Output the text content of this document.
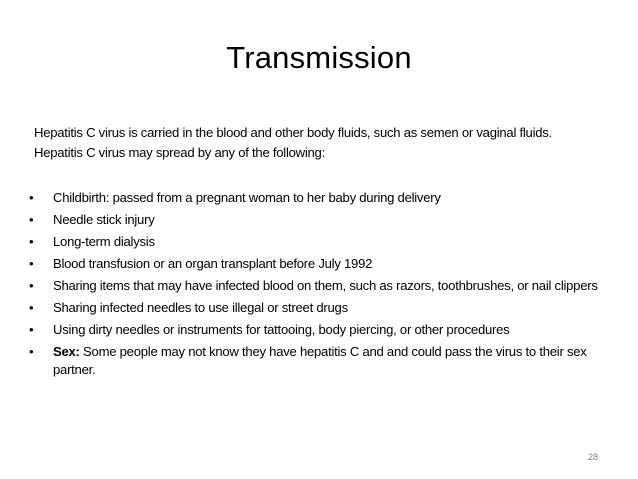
Transmission
Hepatitis C virus is carried in the blood and other body fluids, such as semen or vaginal fluids.
Hepatitis C virus may spread by any of the following:
• Childbirth: passed from a pregnant woman to her baby during delivery
• Needle stick injury
• Long-term dialysis
• Blood transfusion or an organ transplant before July 1992
• Sharing items that may have infected blood on them, such as razors, toothbrushes, or nail clippers
• Sharing infected needles to use illegal or street drugs
• Using dirty needles or instruments for tattooing, body piercing, or other procedures
• Sex: Some people may not know they have hepatitis C and and could pass the virus to their sex partner.
28
